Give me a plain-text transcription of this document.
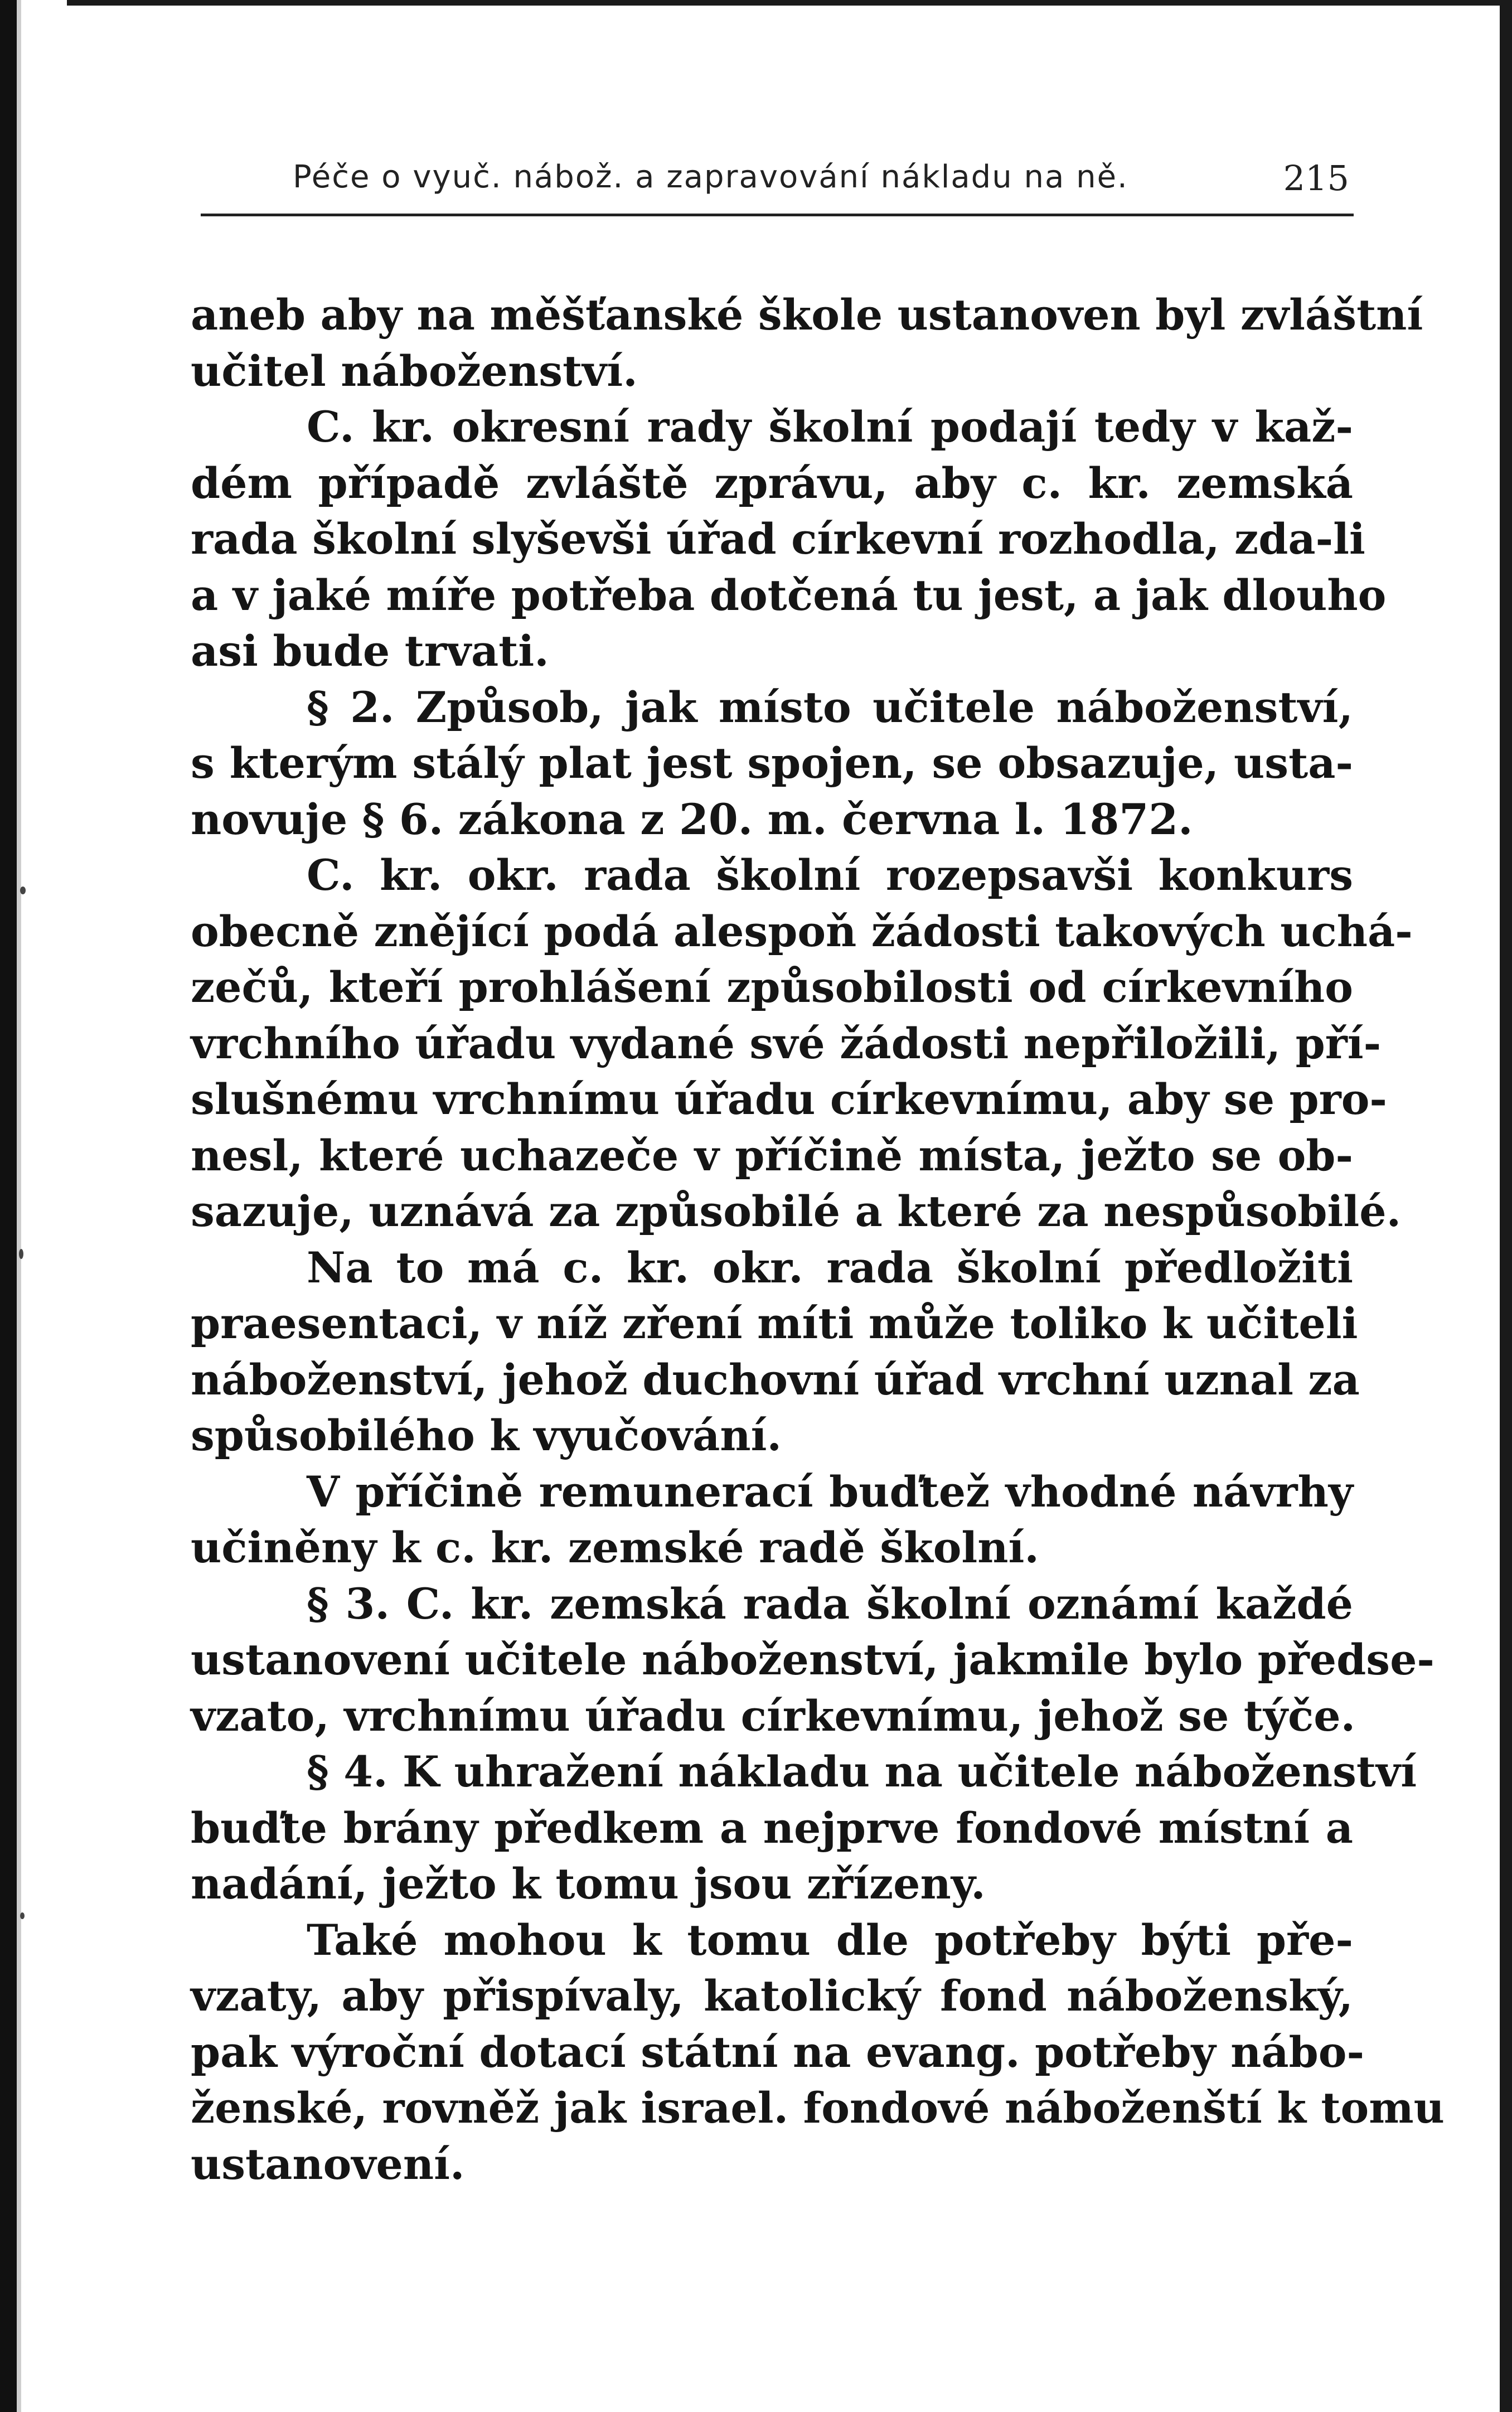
Péče o vyuč. nábož. a zapravování nákladu na ně.	215
aneb aby na měšťanské škole ustanoven byl zvláštní
učitel náboženství.
C. kr. okresní rady školní podají tedy v kaž-
dém případě zvláště zprávu, aby c. kr. zemská
rada školní slyševši úřad církevní rozhodla, zda-li
a v jaké míře potřeba dotčená tu jest, a jak dlouho
asi bude trvati.
§ 2. Způsob, jak místo učitele náboženství,
s kterým stálý plat jest spojen, se obsazuje, usta-
novuje § 6. zákona z 20. m. června l. 1872.
C. kr. okr. rada školní rozepsavši konkurs
obecně znějící podá alespoň žádosti takových uchá-
zečů, kteří prohlášení způsobilosti od církevního
vrchního úřadu vydané své žádosti nepřiložili, pří-
slušnému vrchnímu úřadu církevnímu, aby se pro-
nesl, které uchazeče v příčině místa, ježto se ob-
sazuje, uznává za způsobilé a které za nespůsobilé.
Na to má c. kr. okr. rada školní předložiti
praesentaci, v níž zření míti může toliko k učiteli
náboženství, jehož duchovní úřad vrchní uznal za
spůsobilého k vyučování.
V příčině remunerací buďtež vhodné návrhy
učiněny k c. kr. zemské radě školní.
§ 3. C. kr. zemská rada školní oznámí každé
ustanovení učitele náboženství, jakmile bylo předse-
vzato, vrchnímu úřadu církevnímu, jehož se týče.
§ 4. K uhražení nákladu na učitele náboženství
buďte brány předkem a nejprve fondové místní a
nadání, ježto k tomu jsou zřízeny.
Také mohou k tomu dle potřeby býti pře-
vzaty, aby přispívaly, katolický fond náboženský,
pak výroční dotací státní na evang. potřeby nábo-
ženské, rovněž jak israel. fondové náboženští k tomu
ustanovení.
